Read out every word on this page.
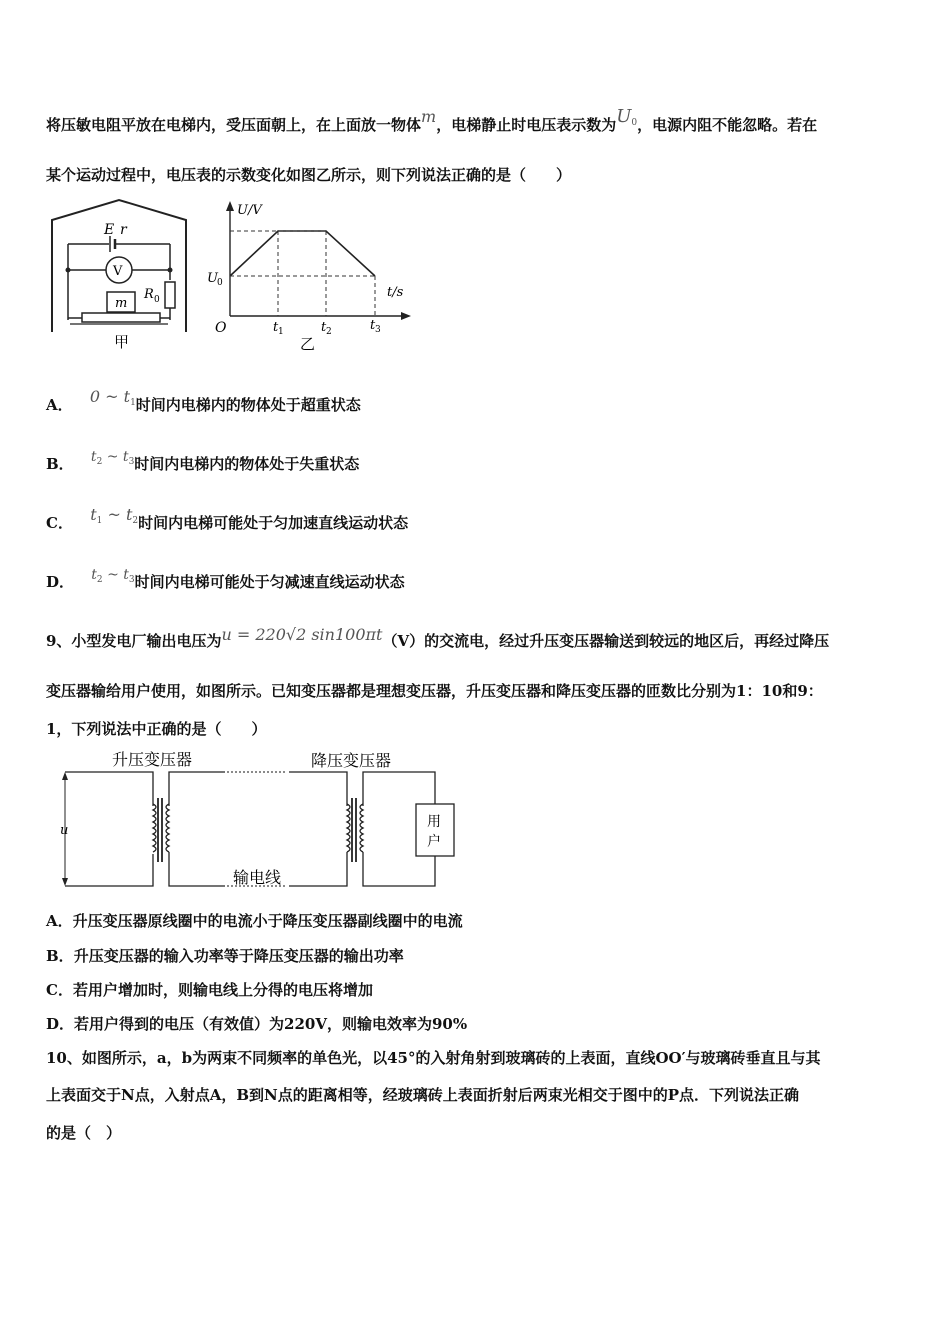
将压敏电阻平放在电梯内，受压面朝上，在上面放一物体m，电梯静止时电压表示数为$U_0$，电源内阻不能忽略。若在
某个运动过程中，电压表的示数变化如图乙所示，则下列说法正确的是（　　）
E r
V
m
R 0
甲
U/V
t/s
U 0
O	t 1	t 2	t 3
乙
A． 0 ~ $t_1$时间内电梯内的物体处于超重状态
B． $t_2$ ~ $t_3$时间内电梯内的物体处于失重状态
C． $t_1$ ~ $t_2$时间内电梯可能处于匀加速直线运动状态
D． $t_2$ ~ $t_3$时间内电梯可能处于匀减速直线运动状态
9、小型发电厂输出电压为u = 220√2 sin100πt（V）的交流电，经过升压变压器输送到较远的地区后，再经过降压
变压器输给用户使用，如图所示。已知变压器都是理想变压器，升压变压器和降压变压器的匝数比分别为1：10和9：
1，下列说法中正确的是（　　）
u
用
户
升压变压器	降压变压器
输电线
A．升压变压器原线圈中的电流小于降压变压器副线圈中的电流
B．升压变压器的输入功率等于降压变压器的输出功率
C．若用户增加时，则输电线上分得的电压将增加
D．若用户得到的电压（有效值）为220V，则输电效率为90%
10、如图所示，a，b为两束不同频率的单色光，以45°的入射角射到玻璃砖的上表面，直线OO′与玻璃砖垂直且与其
上表面交于N点，入射点A，B到N点的距离相等，经玻璃砖上表面折射后两束光相交于图中的P点．下列说法正确
的是（　）
